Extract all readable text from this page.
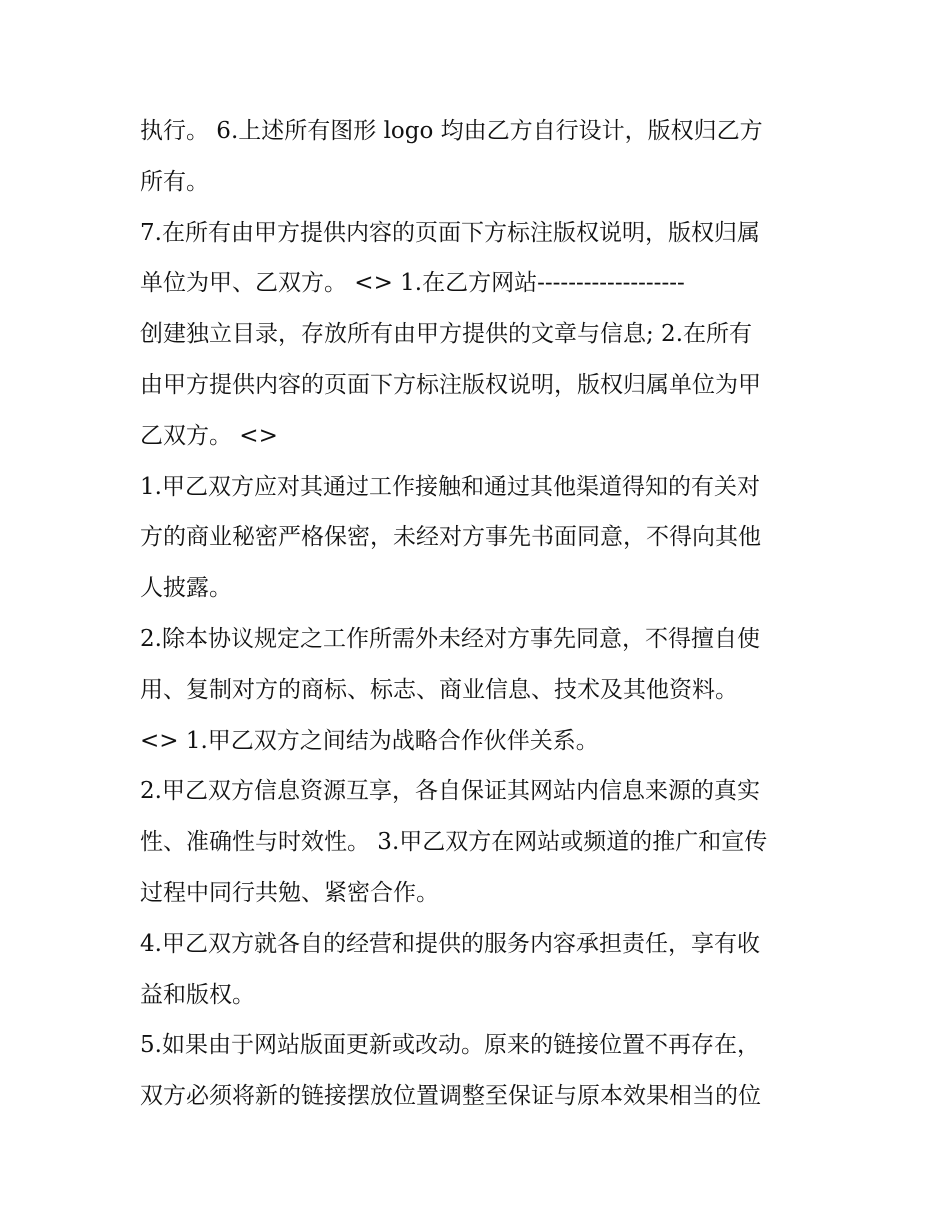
执行。 6.上述所有图形 logo 均由乙方自行设计，版权归乙方

所有。

7.在所有由甲方提供内容的页面下方标注版权说明，版权归属

单位为甲、乙双方。 <> 1.在乙方网站-------------------

创建独立目录，存放所有由甲方提供的文章与信息; 2.在所有

由甲方提供内容的页面下方标注版权说明，版权归属单位为甲

乙双方。 <>

1.甲乙双方应对其通过工作接触和通过其他渠道得知的有关对

方的商业秘密严格保密，未经对方事先书面同意，不得向其他

人披露。

2.除本协议规定之工作所需外未经对方事先同意，不得擅自使

用、复制对方的商标、标志、商业信息、技术及其他资料。

<> 1.甲乙双方之间结为战略合作伙伴关系。

2.甲乙双方信息资源互享，各自保证其网站内信息来源的真实

性、准确性与时效性。 3.甲乙双方在网站或频道的推广和宣传

过程中同行共勉、紧密合作。

4.甲乙双方就各自的经营和提供的服务内容承担责任，享有收

益和版权。

5.如果由于网站版面更新或改动。原来的链接位置不再存在，

双方必须将新的链接摆放位置调整至保证与原本效果相当的位
